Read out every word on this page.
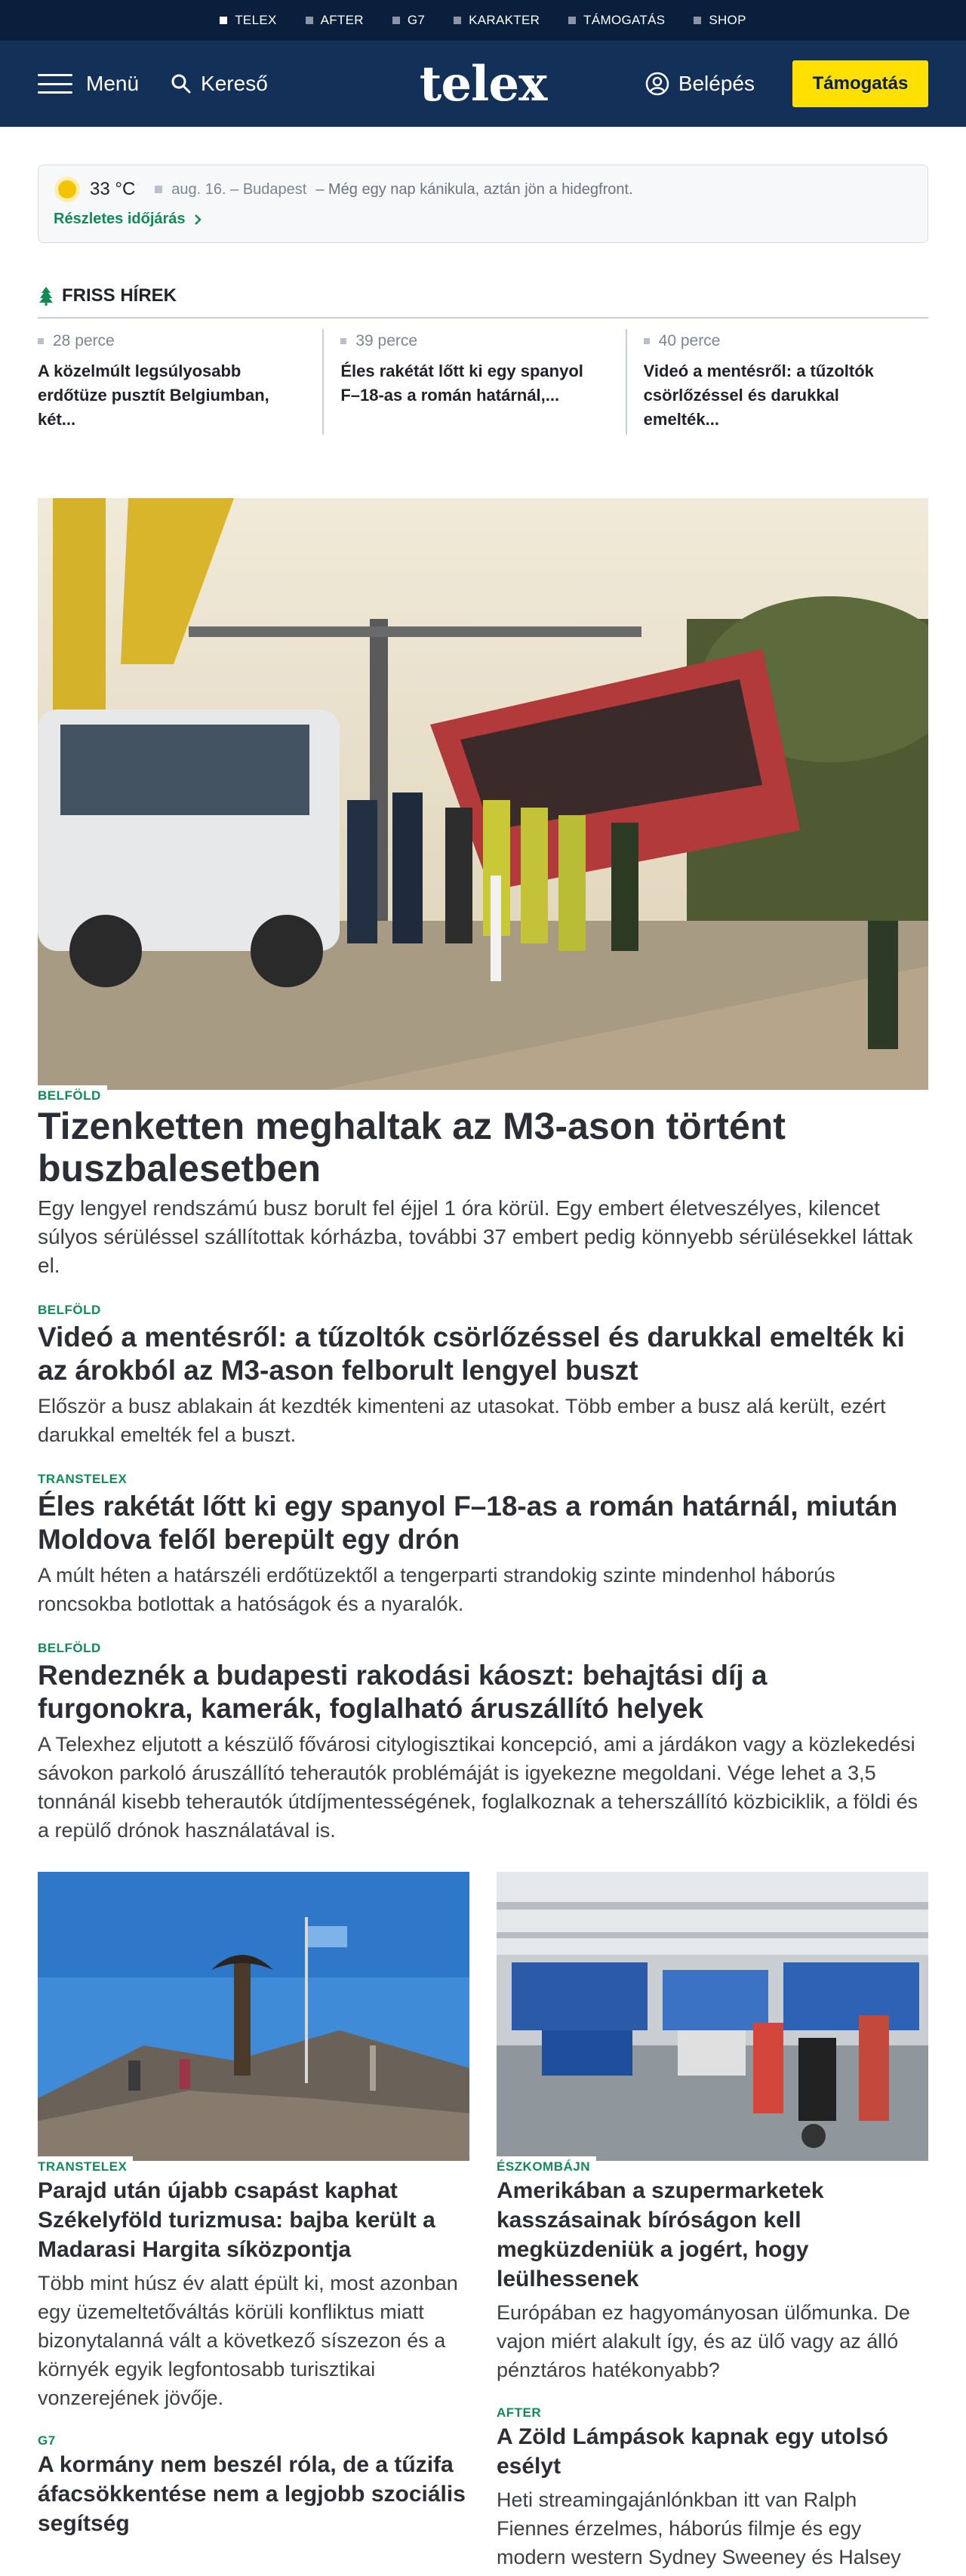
TELEX	AFTER	G7	KARAKTER	TÁMOGATÁS	SHOP
Menü	Kereső	telex	Belépés	Támogatás
33 °C aug. 16. – Budapest – Még egy nap kánikula, aztán jön a hidegfront.
Részletes időjárás
FRISS HÍREK
28 perce
A közelmúlt legsúlyosabb erdőtüze pusztít Belgiumban, két...
39 perce
Éles rakétát lőtt ki egy spanyol F–18-as a román határnál,...
40 perce
Videó a mentésről: a tűzoltók csörlőzéssel és darukkal emelték...
BELFÖLD
Tizenketten meghaltak az M3-ason történt buszbalesetben

Egy lengyel rendszámú busz borult fel éjjel 1 óra körül. Egy embert életveszélyes, kilencet súlyos sérüléssel szállítottak kórházba, további 37 embert pedig könnyebb sérülésekkel láttak el.

BELFÖLD
Videó a mentésről: a tűzoltók csörlőzéssel és darukkal emelték ki az árokból az M3-ason felborult lengyel buszt

Először a busz ablakain át kezdték kimenteni az utasokat. Több ember a busz alá került, ezért darukkal emelték fel a buszt.

TRANSTELEX
Éles rakétát lőtt ki egy spanyol F–18-as a román határnál, miután Moldova felől berepült egy drón

A múlt héten a határszéli erdőtüzektől a tengerparti strandokig szinte mindenhol háborús roncsokba botlottak a hatóságok és a nyaralók.

BELFÖLD
Rendeznék a budapesti rakodási káoszt: behajtási díj a furgonokra, kamerák, foglalható áruszállító helyek

A Telexhez eljutott a készülő fővárosi citylogisztikai koncepció, ami a járdákon vagy a közlekedési sávokon parkoló áruszállító teherautók problémáját is igyekezne megoldani. Vége lehet a 3,5 tonnánál kisebb teherautók útdíjmentességének, foglalkoznak a teherszállító közbiciklik, a földi és a repülő drónok használatával is.

TRANSTELEX
Parajd után újabb csapást kaphat Székelyföld turizmusa: bajba került a Madarasi Hargita síközpontja

Több mint húsz év alatt épült ki, most azonban egy üzemeltetőváltás körüli konfliktus miatt bizonytalanná vált a következő síszezon és a környék egyik legfontosabb turisztikai vonzerejének jövője.

G7
A kormány nem beszél róla, de a tűzifa áfacsökkentése nem a legjobb szociális segítség

ÉSZKOMBÁJN
Amerikában a szupermarketek kasszásainak bíróságon kell megküzdeniük a jogért, hogy leülhessenek

Európában ez hagyományosan ülőmunka. De vajon miért alakult így, és az ülő vagy az álló pénztáros hatékonyabb?

AFTER
A Zöld Lámpások kapnak egy utolsó esélyt

Heti streamingajánlónkban itt van Ralph Fiennes érzelmes, háborús filmje és egy modern western Sydney Sweeney és Halsey
